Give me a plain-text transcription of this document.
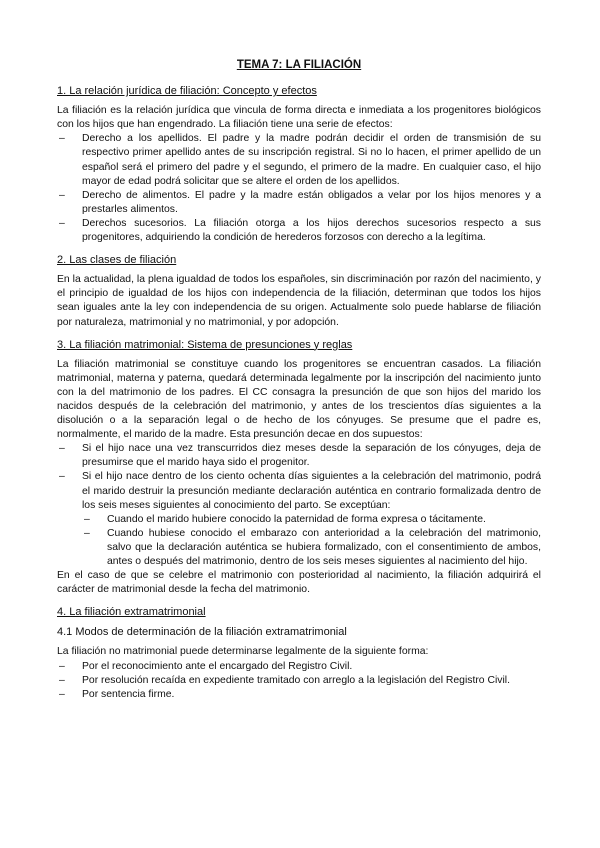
TEMA 7: LA FILIACIÓN
1. La relación jurídica de filiación: Concepto y efectos

La filiación es la relación jurídica que vincula de forma directa e inmediata a los progenitores biológicos con los hijos que han engendrado. La filiación tiene una serie de efectos:

– Derecho a los apellidos. El padre y la madre podrán decidir el orden de transmisión de su respectivo primer apellido antes de su inscripción registral. Si no lo hacen, el primer apellido de un español será el primero del padre y el segundo, el primero de la madre. En cualquier caso, el hijo mayor de edad podrá solicitar que se altere el orden de los apellidos.
– Derecho de alimentos. El padre y la madre están obligados a velar por los hijos menores y a prestarles alimentos.
– Derechos sucesorios. La filiación otorga a los hijos derechos sucesorios respecto a sus progenitores, adquiriendo la condición de herederos forzosos con derecho a la legítima.
2. Las clases de filiación

En la actualidad, la plena igualdad de todos los españoles, sin discriminación por razón del nacimiento, y el principio de igualdad de los hijos con independencia de la filiación, determinan que todos los hijos sean iguales ante la ley con independencia de su origen. Actualmente solo puede hablarse de filiación por naturaleza, matrimonial y no matrimonial, y por adopción.

3. La filiación matrimonial: Sistema de presunciones y reglas

La filiación matrimonial se constituye cuando los progenitores se encuentran casados. La filiación matrimonial, materna y paterna, quedará determinada legalmente por la inscripción del nacimiento junto con la del matrimonio de los padres. El CC consagra la presunción de que son hijos del marido los nacidos después de la celebración del matrimonio, y antes de los trescientos días siguientes a la disolución o a la separación legal o de hecho de los cónyuges. Se presume que el padre es, normalmente, el marido de la madre. Esta presunción decae en dos supuestos:

– Si el hijo nace una vez transcurridos diez meses desde la separación de los cónyuges, deja de presumirse que el marido haya sido el progenitor.
– Si el hijo nace dentro de los ciento ochenta días siguientes a la celebración del matrimonio, podrá el marido destruir la presunción mediante declaración auténtica en contrario formalizada dentro de los seis meses siguientes al conocimiento del parto. Se exceptúan:
– Cuando el marido hubiere conocido la paternidad de forma expresa o tácitamente.
– Cuando hubiese conocido el embarazo con anterioridad a la celebración del matrimonio, salvo que la declaración auténtica se hubiera formalizado, con el consentimiento de ambos, antes o después del matrimonio, dentro de los seis meses siguientes al nacimiento del hijo.

En el caso de que se celebre el matrimonio con posterioridad al nacimiento, la filiación adquirirá el carácter de matrimonial desde la fecha del matrimonio.

4. La filiación extramatrimonial
4.1 Modos de determinación de la filiación extramatrimonial

La filiación no matrimonial puede determinarse legalmente de la siguiente forma:

– Por el reconocimiento ante el encargado del Registro Civil.
– Por resolución recaída en expediente tramitado con arreglo a la legislación del Registro Civil.
– Por sentencia firme.
